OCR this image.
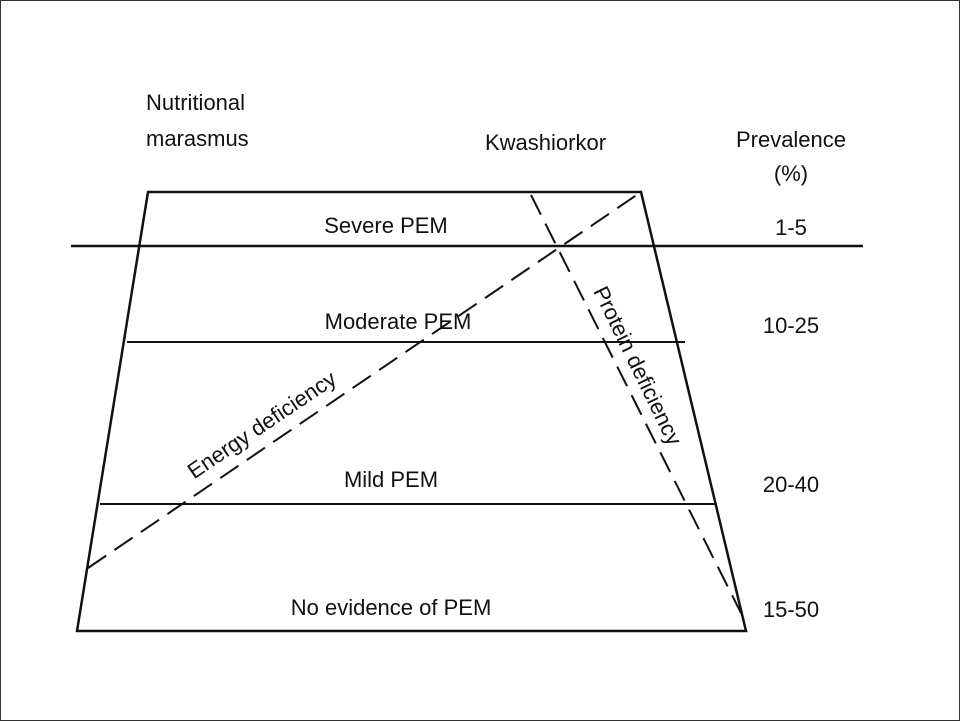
Nutritional
marasmus	Kwashiorkor	Prevalence
(%)
Severe PEM
Moderate PEM
Mild PEM
No evidence of PEM
1-5
10-25
20-40
15-50
Energy deficiency	Protein deficiency
